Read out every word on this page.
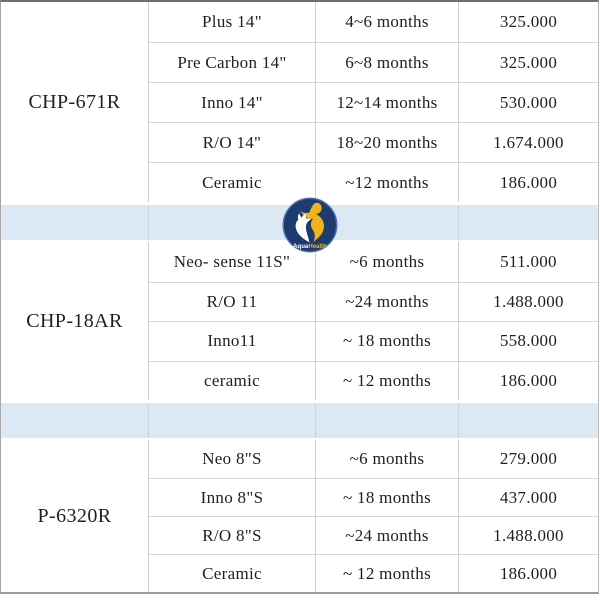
CHP-671R
Plus 14"	4~6 months	325.000
Pre Carbon 14"	6~8 months	325.000
Inno 14"	12~14 months	530.000
R/O 14"	18~20 months	1.674.000
Ceramic	~12 months	186.000
CHP-18AR
Neo- sense 11S"	~6 months	511.000
R/O 11	~24 months	1.488.000
Inno11	~ 18 months	558.000
ceramic	~ 12 months	186.000
P-6320R
Neo 8"S	~6 months	279.000
Inno 8"S	~ 18 months	437.000
R/O 8"S	~24 months	1.488.000
Ceramic	~ 12 months	186.000
AquaHealth
